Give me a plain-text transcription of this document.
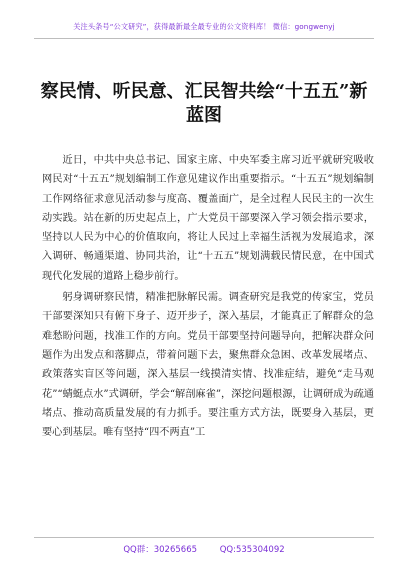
关注头条号“公文研究”，获得最新最全最专业的公文资料库！ 微信：gongwenyj
察民情、听民意、汇民智共绘“十五五”新蓝图

近日，中共中央总书记、国家主席、中央军委主席习近平就研究吸收网民对“十五五”规划编制工作意见建议作出重要指示。“十五五”规划编制工作网络征求意见活动参与度高、覆盖面广，是全过程人民民主的一次生动实践。站在新的历史起点上，广大党员干部要深入学习领会指示要求，坚持以人民为中心的价值取向，将让人民过上幸福生活视为发展追求，深入调研、畅通渠道、协同共治，让“十五五”规划满载民情民意，在中国式现代化发展的道路上稳步前行。

躬身调研察民情，精准把脉解民需。调查研究是我党的传家宝，党员干部要深知只有俯下身子、迈开步子，深入基层，才能真正了解群众的急难愁盼问题，找准工作的方向。党员干部要坚持问题导向，把解决群众问题作为出发点和落脚点，带着问题下去，聚焦群众急困、改革发展堵点、政策落实盲区等问题，深入基层一线摸清实情、找准症结，避免“走马观花”“蜻蜓点水”式调研，学会“解剖麻雀”，深挖问题根源，让调研成为疏通堵点、推动高质量发展的有力抓手。要注重方式方法，既要身入基层，更要心到基层。唯有坚持“四不两直”工

QQ群：30265665	QQ:535304092
